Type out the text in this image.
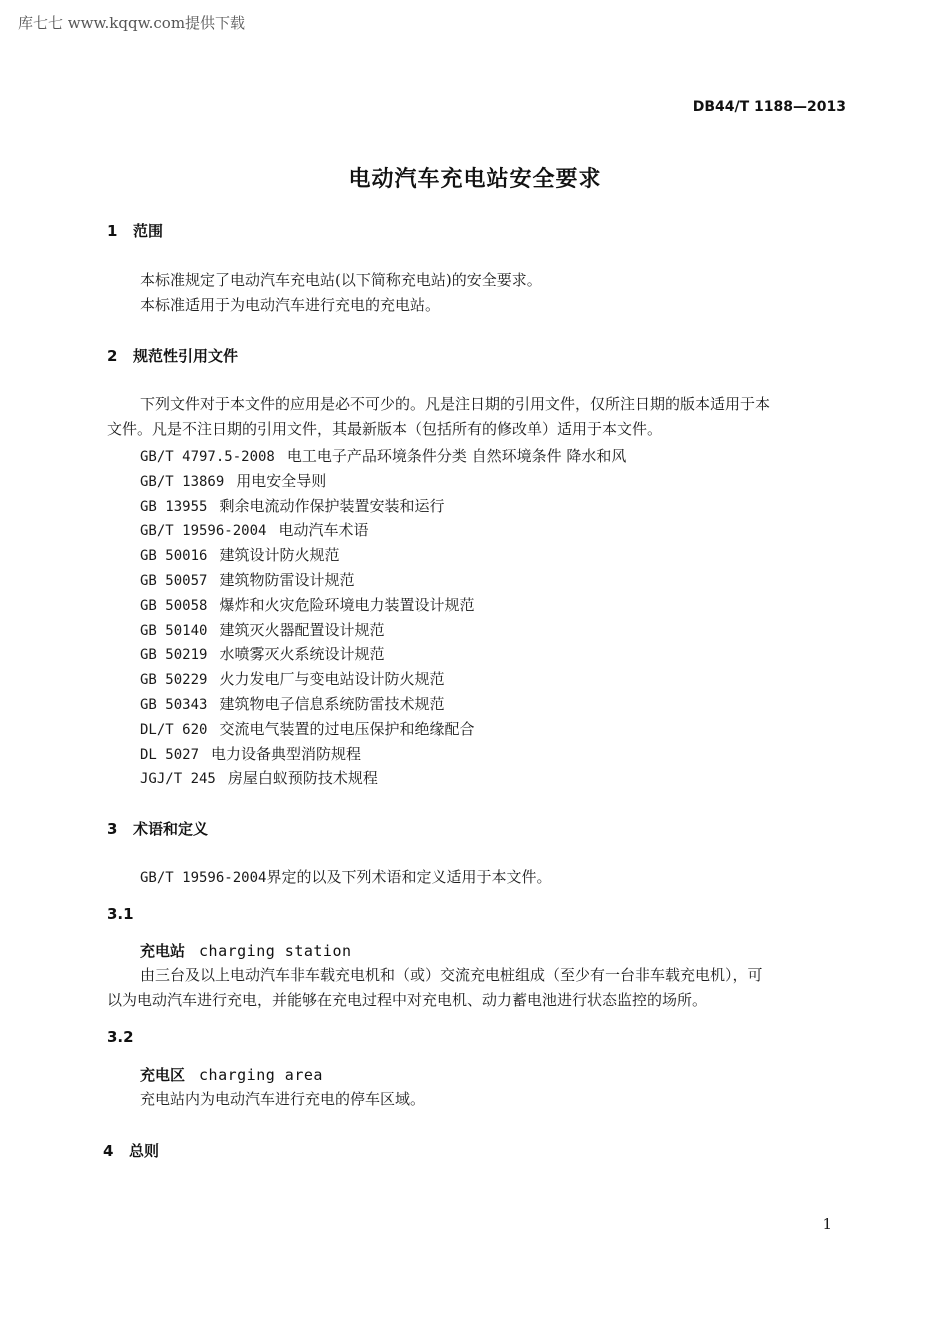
库七七 www.kqqw.com提供下载
DB44/T 1188—2013
电动汽车充电站安全要求
1 范围
本标准规定了电动汽车充电站(以下简称充电站)的安全要求。
本标准适用于为电动汽车进行充电的充电站。
2 规范性引用文件
下列文件对于本文件的应用是必不可少的。凡是注日期的引用文件，仅所注日期的版本适用于本
文件。凡是不注日期的引用文件，其最新版本（包括所有的修改单）适用于本文件。
GB/T 4797.5-2008 电工电子产品环境条件分类 自然环境条件 降水和风
GB/T 13869 用电安全导则
GB 13955 剩余电流动作保护装置安装和运行
GB/T 19596-2004 电动汽车术语
GB 50016 建筑设计防火规范
GB 50057 建筑物防雷设计规范
GB 50058 爆炸和火灾危险环境电力装置设计规范
GB 50140 建筑灭火器配置设计规范
GB 50219 水喷雾灭火系统设计规范
GB 50229 火力发电厂与变电站设计防火规范
GB 50343 建筑物电子信息系统防雷技术规范
DL/T 620 交流电气装置的过电压保护和绝缘配合
DL 5027 电力设备典型消防规程
JGJ/T 245 房屋白蚁预防技术规程
3 术语和定义
GB/T 19596-2004界定的以及下列术语和定义适用于本文件。
3.1
充电站 charging station
由三台及以上电动汽车非车载充电机和（或）交流充电桩组成（至少有一台非车载充电机），可
以为电动汽车进行充电，并能够在充电过程中对充电机、动力蓄电池进行状态监控的场所。
3.2
充电区 charging area
充电站内为电动汽车进行充电的停车区域。
4 总则
1
